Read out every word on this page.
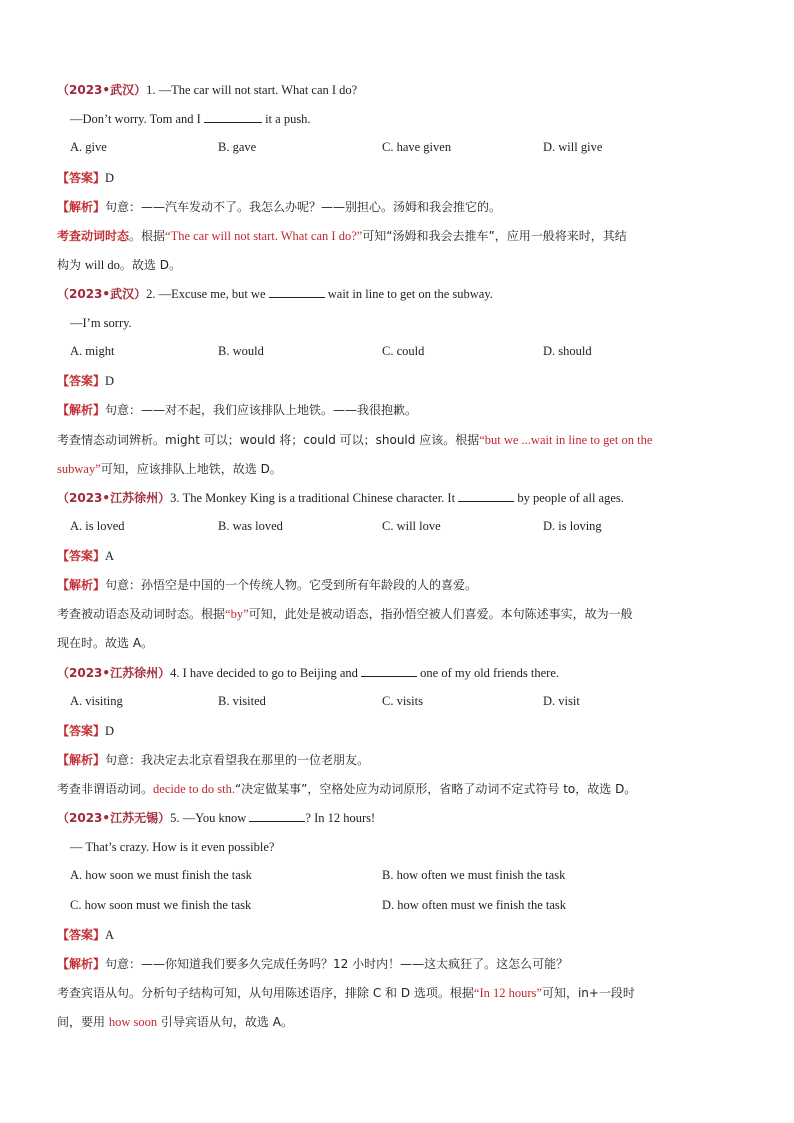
（2023•武汉）1. —The car will not start. What can I do?
—Don’t worry. Tom and I	it a push.
A. give	B. gave	C. have given	D. will give
【答案】D
【解析】句意：——汽车发动不了。我怎么办呢？——别担心。汤姆和我会推它的。
考查动词时态。根据“The car will not start. What can I do?”可知“汤姆和我会去推车”，应用一般将来时，其结
构为 will do。故选 D。
（2023•武汉）2. —Excuse me, but we	wait in line to get on the subway.
—I’m sorry.
A. might	B. would	C. could	D. should
【答案】D
【解析】句意：——对不起，我们应该排队上地铁。——我很抱歉。
考查情态动词辨析。might 可以；would 将；could 可以；should 应该。根据“but we ...wait in line to get on the
subway”可知，应该排队上地铁，故选 D。
（2023•江苏徐州）3. The Monkey King is a traditional Chinese character. It	by people of all ages.
A. is loved	B. was loved	C. will love	D. is loving
【答案】A
【解析】句意：孙悟空是中国的一个传统人物。它受到所有年龄段的人的喜爱。
考查被动语态及动词时态。根据“by”可知，此处是被动语态，指孙悟空被人们喜爱。本句陈述事实，故为一般
现在时。故选 A。
（2023•江苏徐州）4. I have decided to go to Beijing and	one of my old friends there.
A. visiting	B. visited	C. visits	D. visit
【答案】D
【解析】句意：我决定去北京看望我在那里的一位老朋友。
考查非谓语动词。decide to do sth.“决定做某事”，空格处应为动词原形，省略了动词不定式符号 to，故选 D。
（2023•江苏无锡）5. —You know	? In 12 hours!
— That’s crazy. How is it even possible?
A. how soon we must finish the task	B. how often we must finish the task
C. how soon must we finish the task	D. how often must we finish the task
【答案】A
【解析】句意：——你知道我们要多久完成任务吗？12 小时内！——这太疯狂了。这怎么可能？
考查宾语从句。分析句子结构可知，从句用陈述语序，排除 C 和 D 选项。根据“In 12 hours”可知，in+一段时
间，要用 how soon 引导宾语从句，故选 A。
